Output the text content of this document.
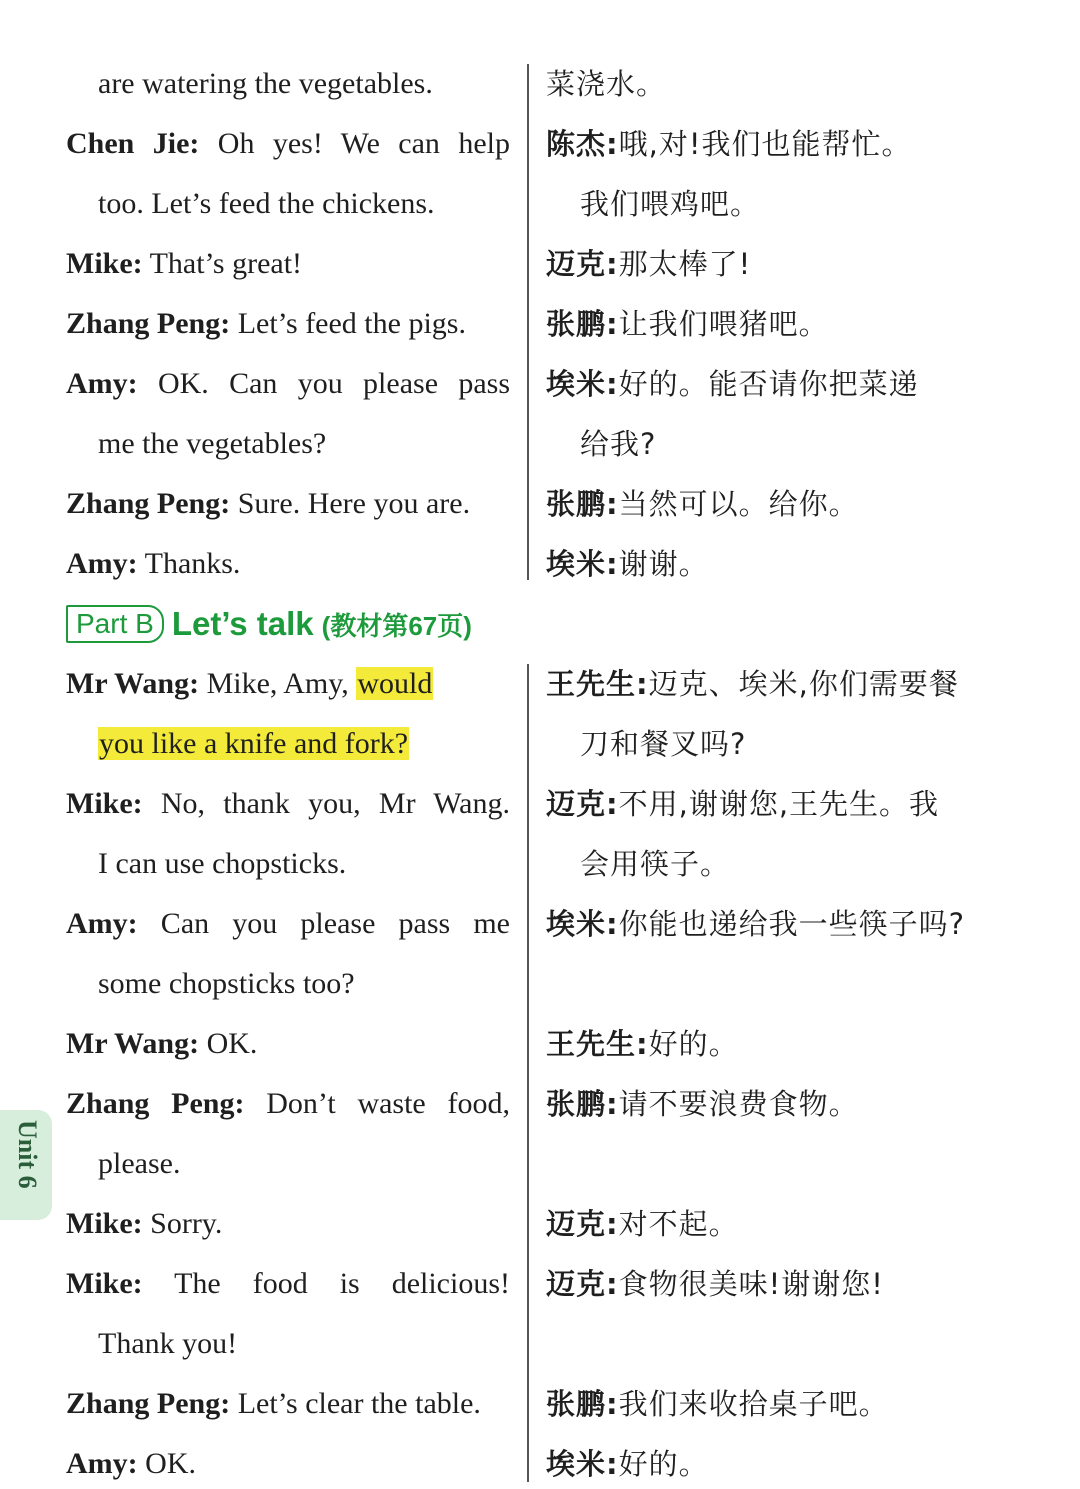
are watering the vegetables.
Chen Jie: Oh yes! We can help
too. Let’s feed the chickens.
Mike: That’s great!
Zhang Peng: Let’s feed the pigs.
Amy: OK. Can you please pass
me the vegetables?
Zhang Peng: Sure. Here you are.
Amy: Thanks.
菜浇水。
陈杰:哦,对!我们也能帮忙。
我们喂鸡吧。
迈克:那太棒了!
张鹏:让我们喂猪吧。
埃米:好的。能否请你把菜递
给我?
张鹏:当然可以。给你。
埃米:谢谢。
Part B Let’s talk (教材第67页)
Mr Wang: Mike, Amy, would
you like a knife and fork?
Mike: No, thank you, Mr Wang.
I can use chopsticks.
Amy: Can you please pass me
some chopsticks too?
Mr Wang: OK.
Zhang Peng: Don’t waste food,
please.
Mike: Sorry.
Mike: The food is delicious!
Thank you!
Zhang Peng: Let’s clear the table.
Amy: OK.
王先生:迈克、埃米,你们需要餐
刀和餐叉吗?
迈克:不用,谢谢您,王先生。我
会用筷子。
埃米:你能也递给我一些筷子吗?
王先生:好的。
张鹏:请不要浪费食物。
迈克:对不起。
迈克:食物很美味!谢谢您!
张鹏:我们来收拾桌子吧。
埃米:好的。
Unit 6
